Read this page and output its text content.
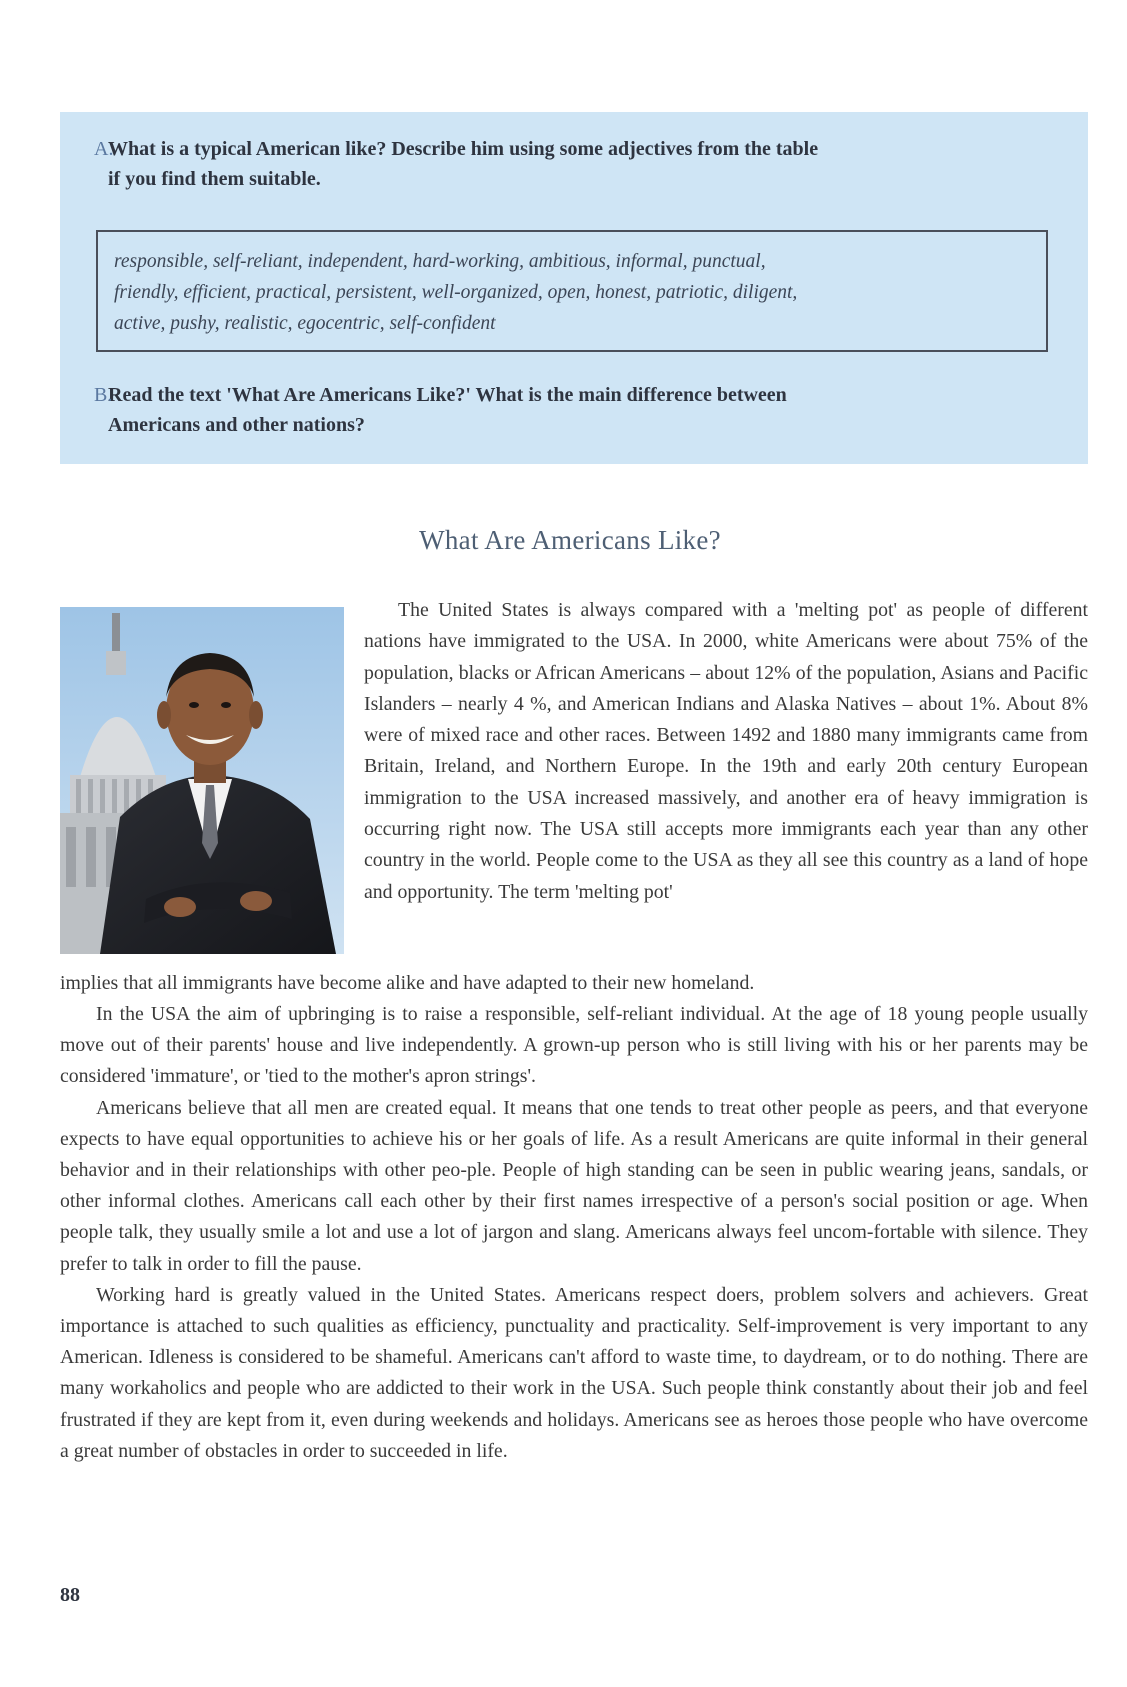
A.
What is a typical American like? Describe him using some adjectives from the table
if you find them suitable.
responsible, self-reliant, independent, hard-working, ambitious, informal, punctual,
friendly, efficient, practical, persistent, well-organized, open, honest, patriotic, diligent,
active, pushy, realistic, egocentric, self-confident
B.
Read the text 'What Are Americans Like?' What is the main difference between
Americans and other nations?
What Are Americans Like?

The United States is always compared with a 'melting pot' as people of different nations have immigrated to the USA. In 2000, white Americans were about 75% of the population, blacks or African Americans – about 12% of the population, Asians and Pacific Islanders – nearly 4 %, and American Indians and Alaska Natives – about 1%. About 8% were of mixed race and other races. Between 1492 and 1880 many immigrants came from Britain, Ireland, and Northern Europe. In the 19th and early 20th century European immigration to the USA increased massively, and another era of heavy immigration is occurring right now. The USA still accepts more immigrants each year than any other country in the world. People come to the USA as they all see this country as a land of hope and opportunity. The term 'melting pot'

implies that all immigrants have become alike and have adapted to their new homeland.

In the USA the aim of upbringing is to raise a responsible, self-reliant individual. At the age of 18 young people usually move out of their parents' house and live independently. A grown-up person who is still living with his or her parents may be considered 'immature', or 'tied to the mother's apron strings'.

Americans believe that all men are created equal. It means that one tends to treat other people as peers, and that everyone expects to have equal opportunities to achieve his or her goals of life. As a result Americans are quite informal in their general behavior and in their relationships with other peo-ple. People of high standing can be seen in public wearing jeans, sandals, or other informal clothes. Americans call each other by their first names irrespective of a person's social position or age. When people talk, they usually smile a lot and use a lot of jargon and slang. Americans always feel uncom-fortable with silence. They prefer to talk in order to fill the pause.

Working hard is greatly valued in the United States. Americans respect doers, problem solvers and achievers. Great importance is attached to such qualities as efficiency, punctuality and practicality. Self-improvement is very important to any American. Idleness is considered to be shameful. Americans can't afford to waste time, to daydream, or to do nothing. There are many workaholics and people who are addicted to their work in the USA. Such people think constantly about their job and feel frustrated if they are kept from it, even during weekends and holidays. Americans see as heroes those people who have overcome a great number of obstacles in order to succeeded in life.

88
